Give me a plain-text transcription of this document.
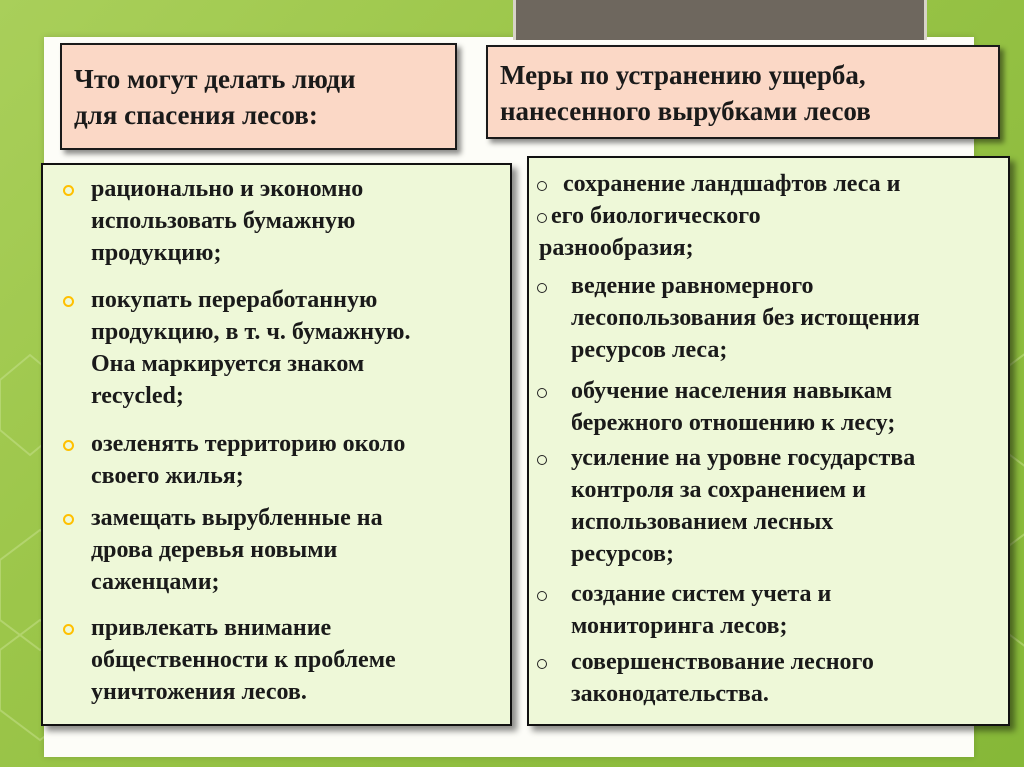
Что могут делать люди
для спасения лесов:
Меры по устранению ущерба,
нанесенного вырубками лесов
рационально и экономно
использовать бумажную
продукцию;
покупать переработанную
продукцию, в т. ч. бумажную.
Она маркируется знаком
recycled;
озеленять территорию около
своего жилья;
замещать вырубленные на
дрова деревья новыми
саженцами;
привлекать внимание
общественности к проблеме
уничтожения лесов.
сохранение ландшафтов леса и
его биологического
разнообразия;
ведение равномерного
лесопользования без истощения
ресурсов леса;
обучение населения навыкам
бережного отношению к лесу;
усиление на уровне государства
контроля за сохранением и
использованием лесных
ресурсов;
создание систем учета и
мониторинга лесов;
совершенствование лесного
законодательства.
